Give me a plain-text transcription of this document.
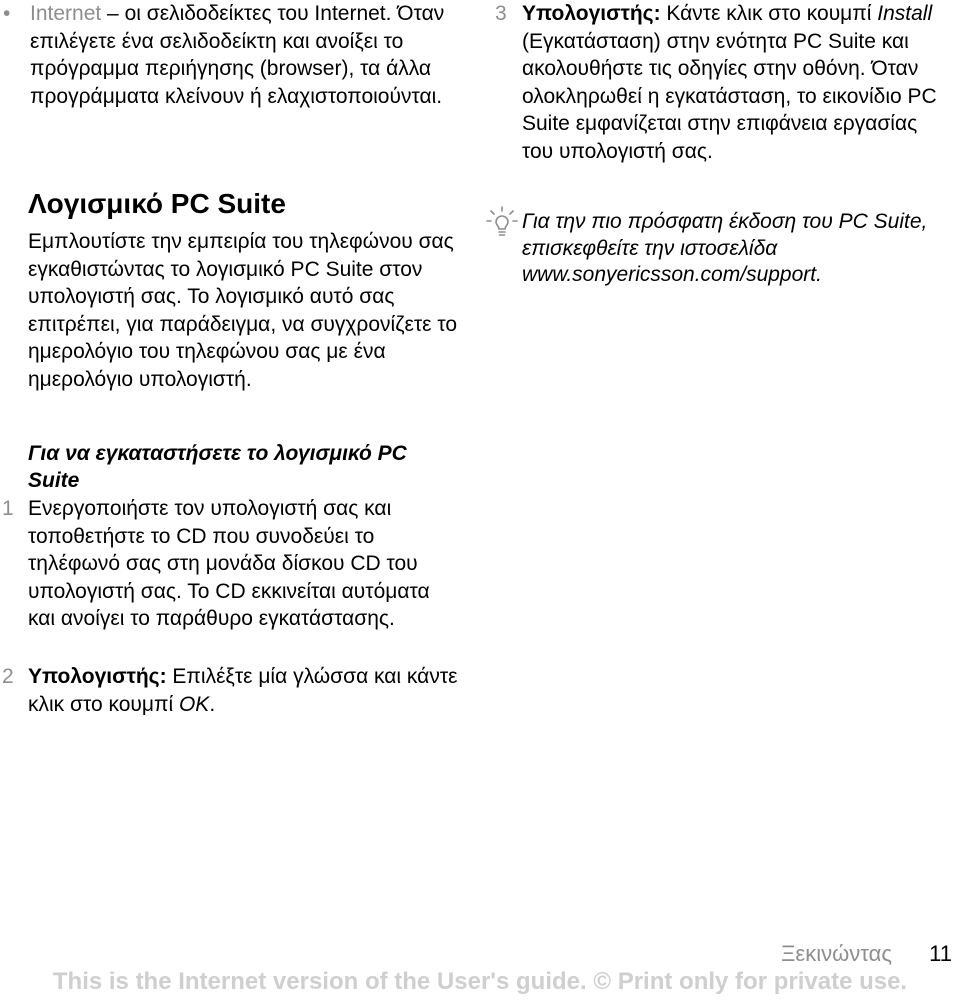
• Internet – οι σελιδοδείκτες του Internet. Όταν επιλέγετε ένα σελιδοδείκτη και ανοίξει το πρόγραμμα περιήγησης (browser), τα άλλα προγράμματα κλείνουν ή ελαχιστοποιούνται.
Λογισμικό PC Suite

Εμπλουτίστε την εμπειρία του τηλεφώνου σας εγκαθιστώντας το λογισμικό PC Suite στον υπολογιστή σας. Το λογισμικό αυτό σας επιτρέπει, για παράδειγμα, να συγχρονίζετε το ημερολόγιο του τηλεφώνου σας με ένα ημερολόγιο υπολογιστή.

Για να εγκαταστήσετε το λογισμικό PC Suite
1 Ενεργοποιήστε τον υπολογιστή σας και τοποθετήστε το CD που συνοδεύει το τηλέφωνό σας στη μονάδα δίσκου CD του υπολογιστή σας. Το CD εκκινείται αυτόματα και ανοίγει το παράθυρο εγκατάστασης.
2 Υπολογιστής: Επιλέξτε μία γλώσσα και κάντε κλικ στο κουμπί OK.
3 Υπολογιστής: Κάντε κλικ στο κουμπί Install (Εγκατάσταση) στην ενότητα PC Suite και ακολουθήστε τις οδηγίες στην οθόνη. Όταν ολοκληρωθεί η εγκατάσταση, το εικονίδιο PC Suite εμφανίζεται στην επιφάνεια εργασίας του υπολογιστή σας.
Για την πιο πρόσφατη έκδοση του PC Suite, επισκεφθείτε την ιστοσελίδα www.sonyericsson.com/support.
Ξεκινώντας 11
This is the Internet version of the User's guide. © Print only for private use.
